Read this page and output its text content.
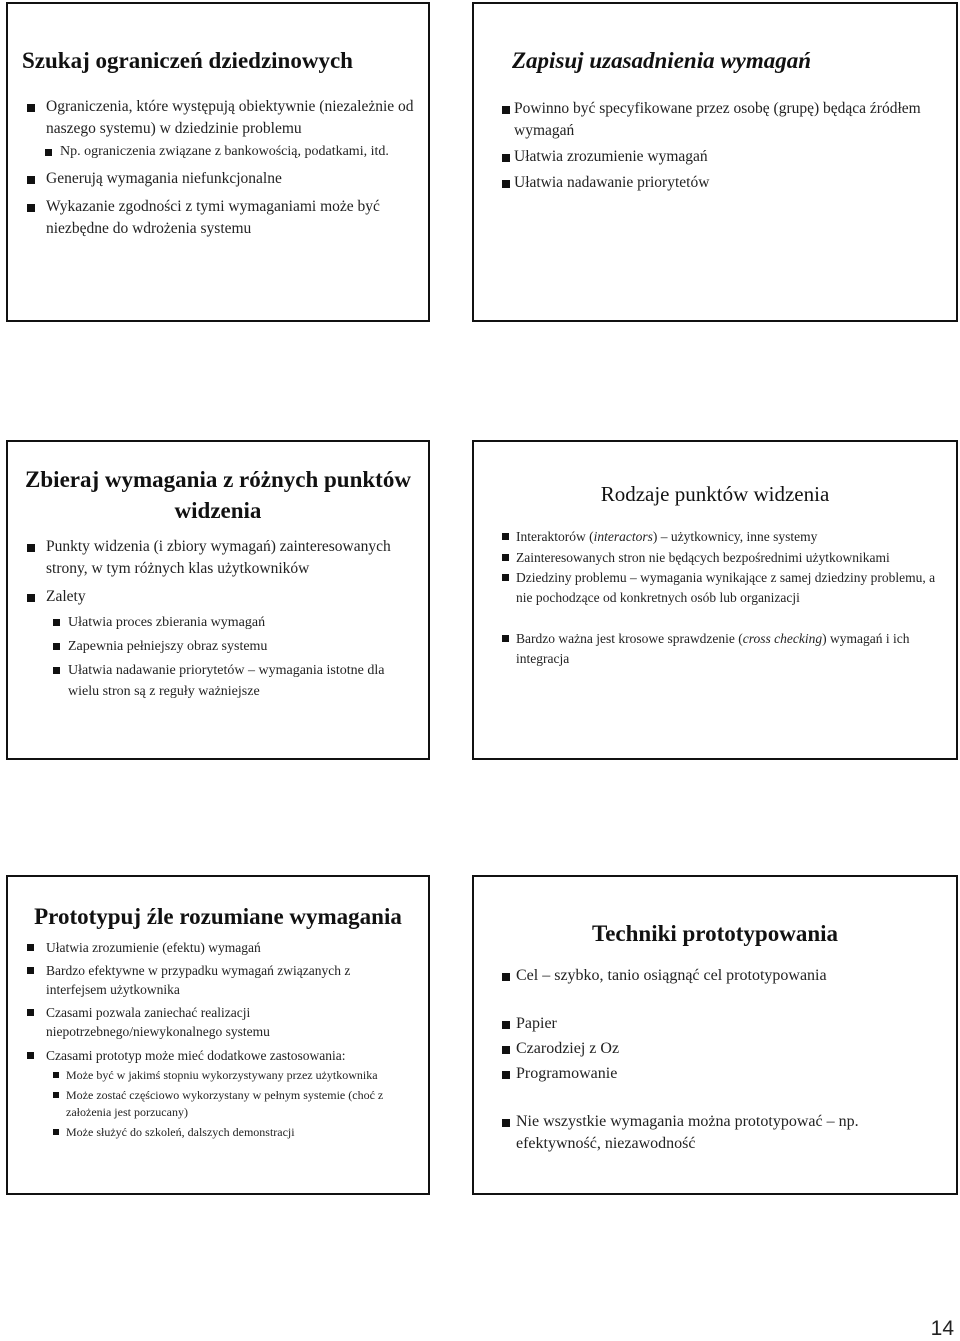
Szukaj ograniczeń dziedzinowych
Ograniczenia, które występują obiektywnie (niezależnie od naszego systemu) w dziedzinie problemu
Np. ograniczenia związane z bankowością, podatkami, itd.
Generują wymagania niefunkcjonalne
Wykazanie zgodności z tymi wymaganiami może być niezbędne do wdrożenia systemu
Zapisuj uzasadnienia wymagań
Powinno być specyfikowane przez osobę (grupę) będąca źródłem wymagań
Ułatwia zrozumienie wymagań
Ułatwia nadawanie priorytetów
Zbieraj wymagania z różnych punktów widzenia
Punkty widzenia (i zbiory wymagań) zainteresowanych strony, w tym różnych klas użytkowników
Zalety
Ułatwia proces zbierania wymagań
Zapewnia pełniejszy obraz systemu
Ułatwia nadawanie priorytetów – wymagania istotne dla wielu stron są z reguły ważniejsze
Rodzaje punktów widzenia
Interaktorów (interactors) – użytkownicy, inne systemy
Zainteresowanych stron nie będących bezpośrednimi użytkownikami
Dziedziny problemu – wymagania wynikające z samej dziedziny problemu, a nie pochodzące od konkretnych osób lub organizacji
Bardzo ważna jest krosowe sprawdzenie (cross checking) wymagań i ich integracja
Prototypuj źle rozumiane wymagania
Ułatwia zrozumienie (efektu) wymagań
Bardzo efektywne w przypadku wymagań związanych z interfejsem użytkownika
Czasami pozwala zaniechać realizacji niepotrzebnego/niewykonalnego systemu
Czasami prototyp może mieć dodatkowe zastosowania:
Może być w jakimś stopniu wykorzystywany przez użytkownika
Może zostać częściowo wykorzystany w pełnym systemie (choć z założenia jest porzucany)
Może służyć do szkoleń, dalszych demonstracji
Techniki prototypowania
Cel – szybko, tanio osiągnąć cel prototypowania
Papier
Czarodziej z Oz
Programowanie
Nie wszystkie wymagania można prototypować – np. efektywność, niezawodność
14
